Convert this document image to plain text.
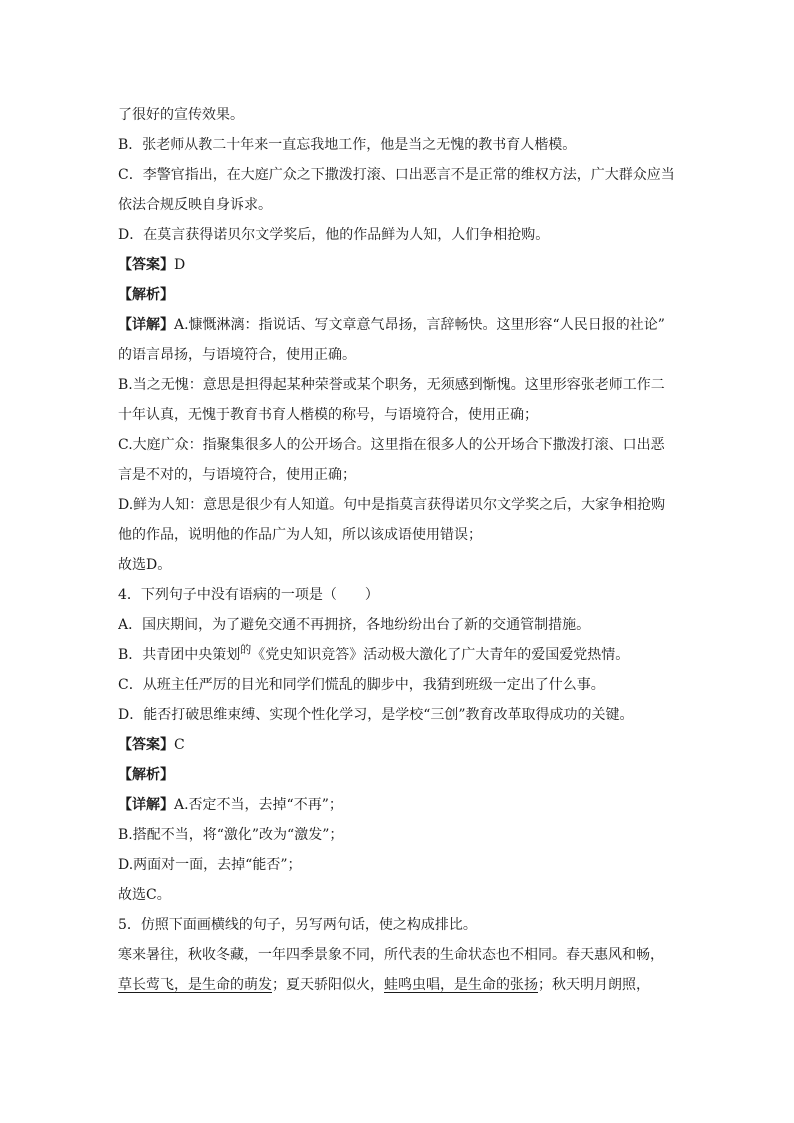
了很好的宣传效果。
B．张老师从教二十年来一直忘我地工作，他是当之无愧的教书育人楷模。
C．李警官指出，在大庭广众之下撒泼打滚、口出恶言不是正常的维权方法，广大群众应当
依法合规反映自身诉求。
D．在莫言获得诺贝尔文学奖后，他的作品鲜为人知，人们争相抢购。
【答案】D
【解析】
【详解】A.慷慨淋漓：指说话、写文章意气昂扬，言辞畅快。这里形容“人民日报的社论”
的语言昂扬，与语境符合，使用正确。
B.当之无愧：意思是担得起某种荣誉或某个职务，无须感到惭愧。这里形容张老师工作二
十年认真，无愧于教育书育人楷模的称号，与语境符合，使用正确；
C.大庭广众：指聚集很多人的公开场合。这里指在很多人的公开场合下撒泼打滚、口出恶
言是不对的，与语境符合，使用正确；
D.鲜为人知：意思是很少有人知道。句中是指莫言获得诺贝尔文学奖之后，大家争相抢购
他的作品，说明他的作品广为人知，所以该成语使用错误；
故选D。
4．下列句子中没有语病的一项是（　　）
A．国庆期间，为了避免交通不再拥挤，各地纷纷出台了新的交通管制措施。
B．共青团中央策划$^的$《党史知识竞答》活动极大激化了广大青年的爱国爱党热情。
C．从班主任严厉的目光和同学们慌乱的脚步中，我猜到班级一定出了什么事。
D．能否打破思维束缚、实现个性化学习，是学校“三创”教育改革取得成功的关键。
【答案】C
【解析】
【详解】A.否定不当，去掉“不再”；
B.搭配不当，将“激化”改为“激发”；
D.两面对一面，去掉“能否”；
故选C。
5．仿照下面画横线的句子，另写两句话，使之构成排比。
寒来暑往，秋收冬藏，一年四季景象不同，所代表的生命状态也不相同。春天惠风和畅，
草长莺飞，是生命的萌发；夏天骄阳似火，蛙鸣虫唱，是生命的张扬；秋天明月朗照，
